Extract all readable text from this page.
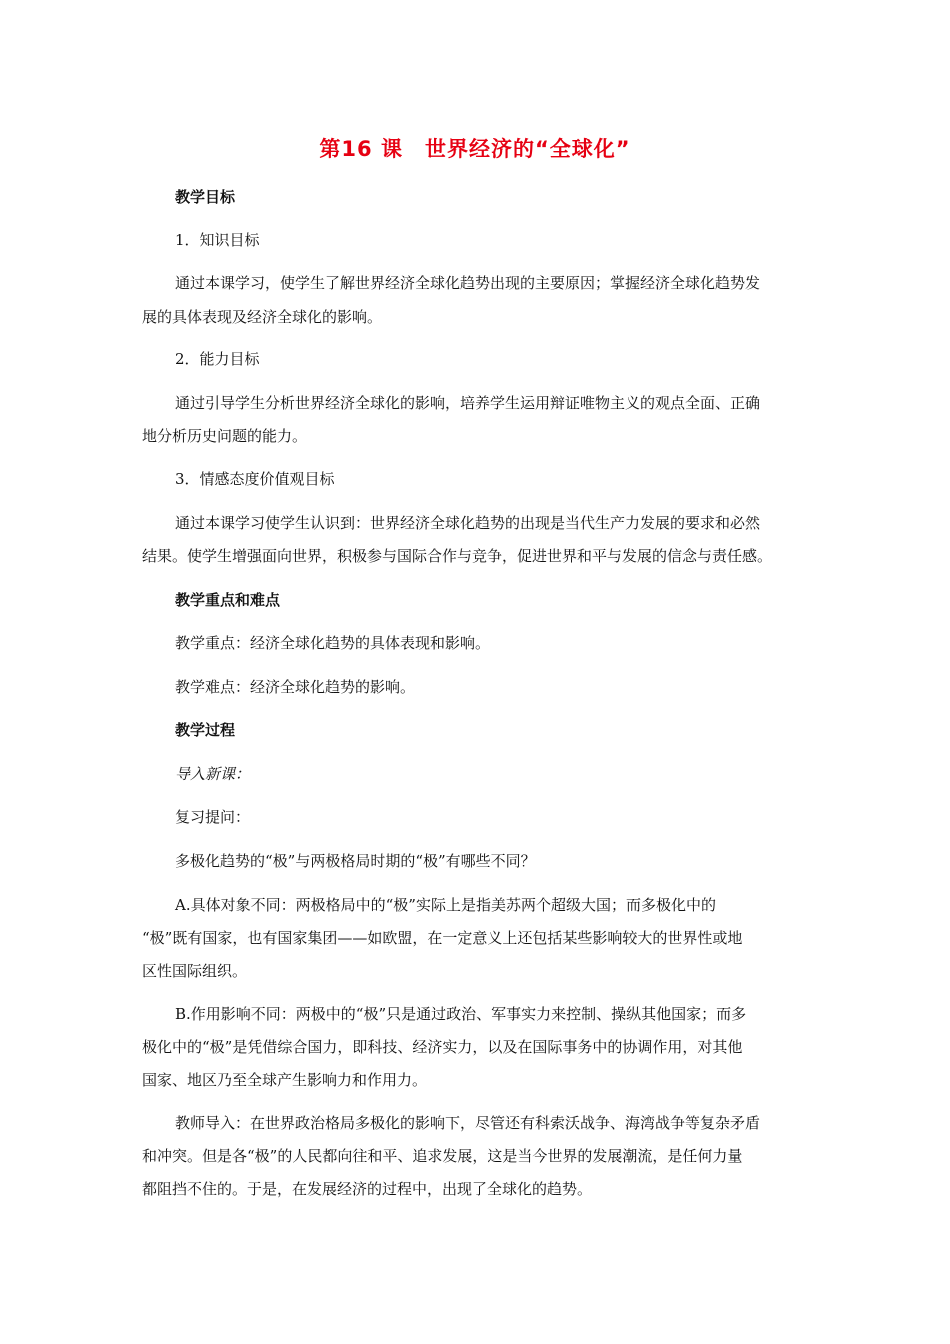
第16 课　世界经济的“全球化”
教学目标
1．知识目标
通过本课学习，使学生了解世界经济全球化趋势出现的主要原因；掌握经济全球化趋势发
展的具体表现及经济全球化的影响。
2．能力目标
通过引导学生分析世界经济全球化的影响，培养学生运用辩证唯物主义的观点全面、正确
地分析历史问题的能力。
3．情感态度价值观目标
通过本课学习使学生认识到：世界经济全球化趋势的出现是当代生产力发展的要求和必然
结果。使学生增强面向世界，积极参与国际合作与竞争，促进世界和平与发展的信念与责任感。
教学重点和难点
教学重点：经济全球化趋势的具体表现和影响。
教学难点：经济全球化趋势的影响。
教学过程
导入新课：
复习提问：
多极化趋势的“极”与两极格局时期的“极”有哪些不同？
A.具体对象不同：两极格局中的“极”实际上是指美苏两个超级大国；而多极化中的
“极”既有国家，也有国家集团——如欧盟，在一定意义上还包括某些影响较大的世界性或地
区性国际组织。
B.作用影响不同：两极中的“极”只是通过政治、军事实力来控制、操纵其他国家；而多
极化中的“极”是凭借综合国力，即科技、经济实力，以及在国际事务中的协调作用，对其他
国家、地区乃至全球产生影响力和作用力。
教师导入：在世界政治格局多极化的影响下，尽管还有科索沃战争、海湾战争等复杂矛盾
和冲突。但是各“极”的人民都向往和平、追求发展，这是当今世界的发展潮流，是任何力量
都阻挡不住的。于是，在发展经济的过程中，出现了全球化的趋势。
